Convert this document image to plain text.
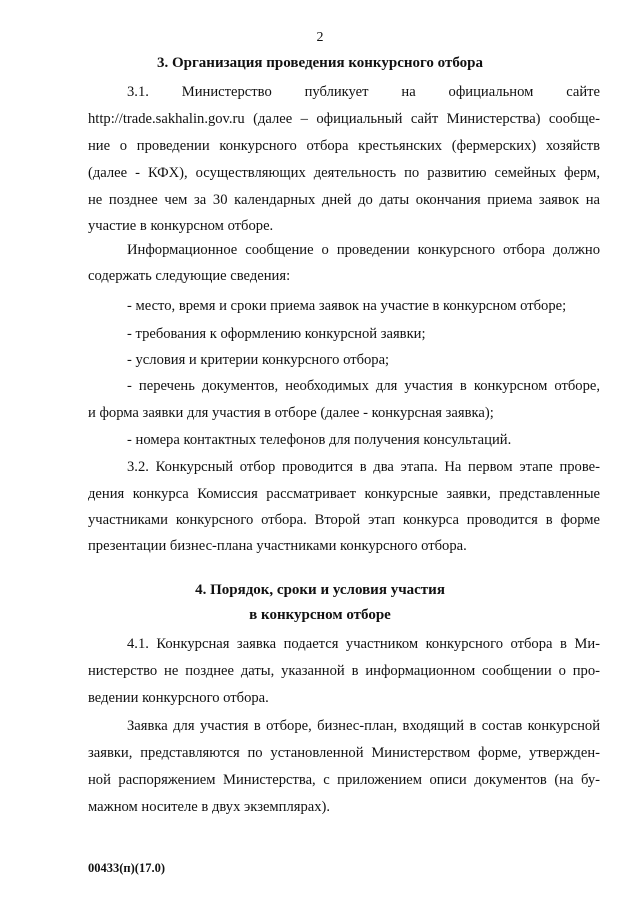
2
3. Организация проведения конкурсного отбора
3.1. Министерство публикует на официальном сайте
http://trade.sakhalin.gov.ru (далее – официальный сайт Министерства) сообще-
ние о проведении конкурсного отбора крестьянских (фермерских) хозяйств
(далее - КФХ), осуществляющих деятельность по развитию семейных ферм,
не позднее чем за 30 календарных дней до даты окончания приема заявок на
участие в конкурсном отборе.
Информационное сообщение о проведении конкурсного отбора должно
содержать следующие сведения:
- место, время и сроки приема заявок на участие в конкурсном отборе;
- требования к оформлению конкурсной заявки;
- условия и критерии конкурсного отбора;
- перечень документов, необходимых для участия в конкурсном отборе,
и форма заявки для участия в отборе (далее - конкурсная заявка);
- номера контактных телефонов для получения консультаций.
3.2. Конкурсный отбор проводится в два этапа. На первом этапе прове-
дения конкурса Комиссия рассматривает конкурсные заявки, представленные
участниками конкурсного отбора. Второй этап конкурса проводится в форме
презентации бизнес-плана участниками конкурсного отбора.
4. Порядок, сроки и условия участия
в конкурсном отборе
4.1. Конкурсная заявка подается участником конкурсного отбора в Ми-
нистерство не позднее даты, указанной в информационном сообщении о про-
ведении конкурсного отбора.
Заявка для участия в отборе, бизнес-план, входящий в состав конкурсной
заявки, представляются по установленной Министерством форме, утвержден-
ной распоряжением Министерства, с приложением описи документов (на бу-
мажном носителе в двух экземплярах).
00433(п)(17.0)
